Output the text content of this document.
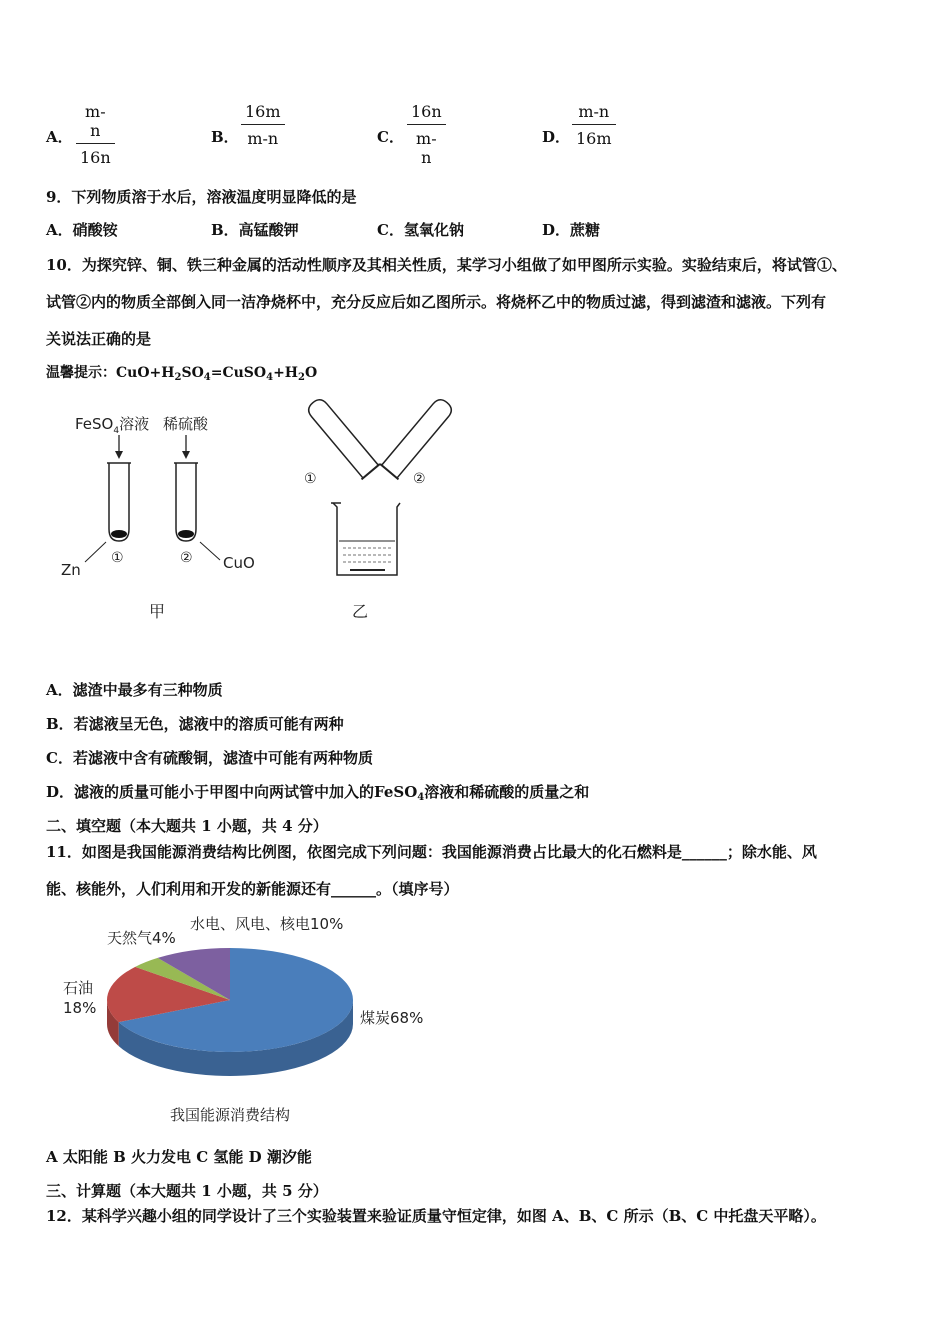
A． $\frac{m-n}{16n}$	B． $\frac{16m}{m-n}$	C． $\frac{16n}{m-n}$	D． $\frac{m-n}{16m}$
9．下列物质溶于水后，溶液温度明显降低的是
A．硝酸铵	B．高锰酸钾	C．氢氧化钠	D．蔗糖
10．为探究锌、铜、铁三种金属的活动性顺序及其相关性质，某学习小组做了如甲图所示实验。实验结束后，将试管①、
试管②内的物质全部倒入同一洁净烧杯中，充分反应后如乙图所示。将烧杯乙中的物质过滤，得到滤渣和滤液。下列有
关说法正确的是
温馨提示：$CuO+H_2SO_4=CuSO_4+H_2O$
FeSO$_4$溶液 稀硫酸
Zn
①	② CuO
甲
①	②
乙
A．滤渣中最多有三种物质
B．若滤液呈无色，滤液中的溶质可能有两种
C．若滤液中含有硫酸铜，滤渣中可能有两种物质
D．滤液的质量可能小于甲图中向两试管中加入的FeSO$_4$溶液和稀硫酸的质量之和
二、填空题（本大题共 1 小题，共 4 分）
11．如图是我国能源消费结构比例图，依图完成下列问题：我国能源消费占比最大的化石燃料是______；除水能、风
能、核能外，人们利用和开发的新能源还有______。（填序号）
煤炭68%
石油 18%
天然气4%
水电、风电、核电10%
我国能源消费结构
A 太阳能 B 火力发电 C 氢能 D 潮汐能
三、计算题（本大题共 1 小题，共 5 分）
12．某科学兴趣小组的同学设计了三个实验装置来验证质量守恒定律，如图 A、B、C 所示（B、C 中托盘天平略）。
